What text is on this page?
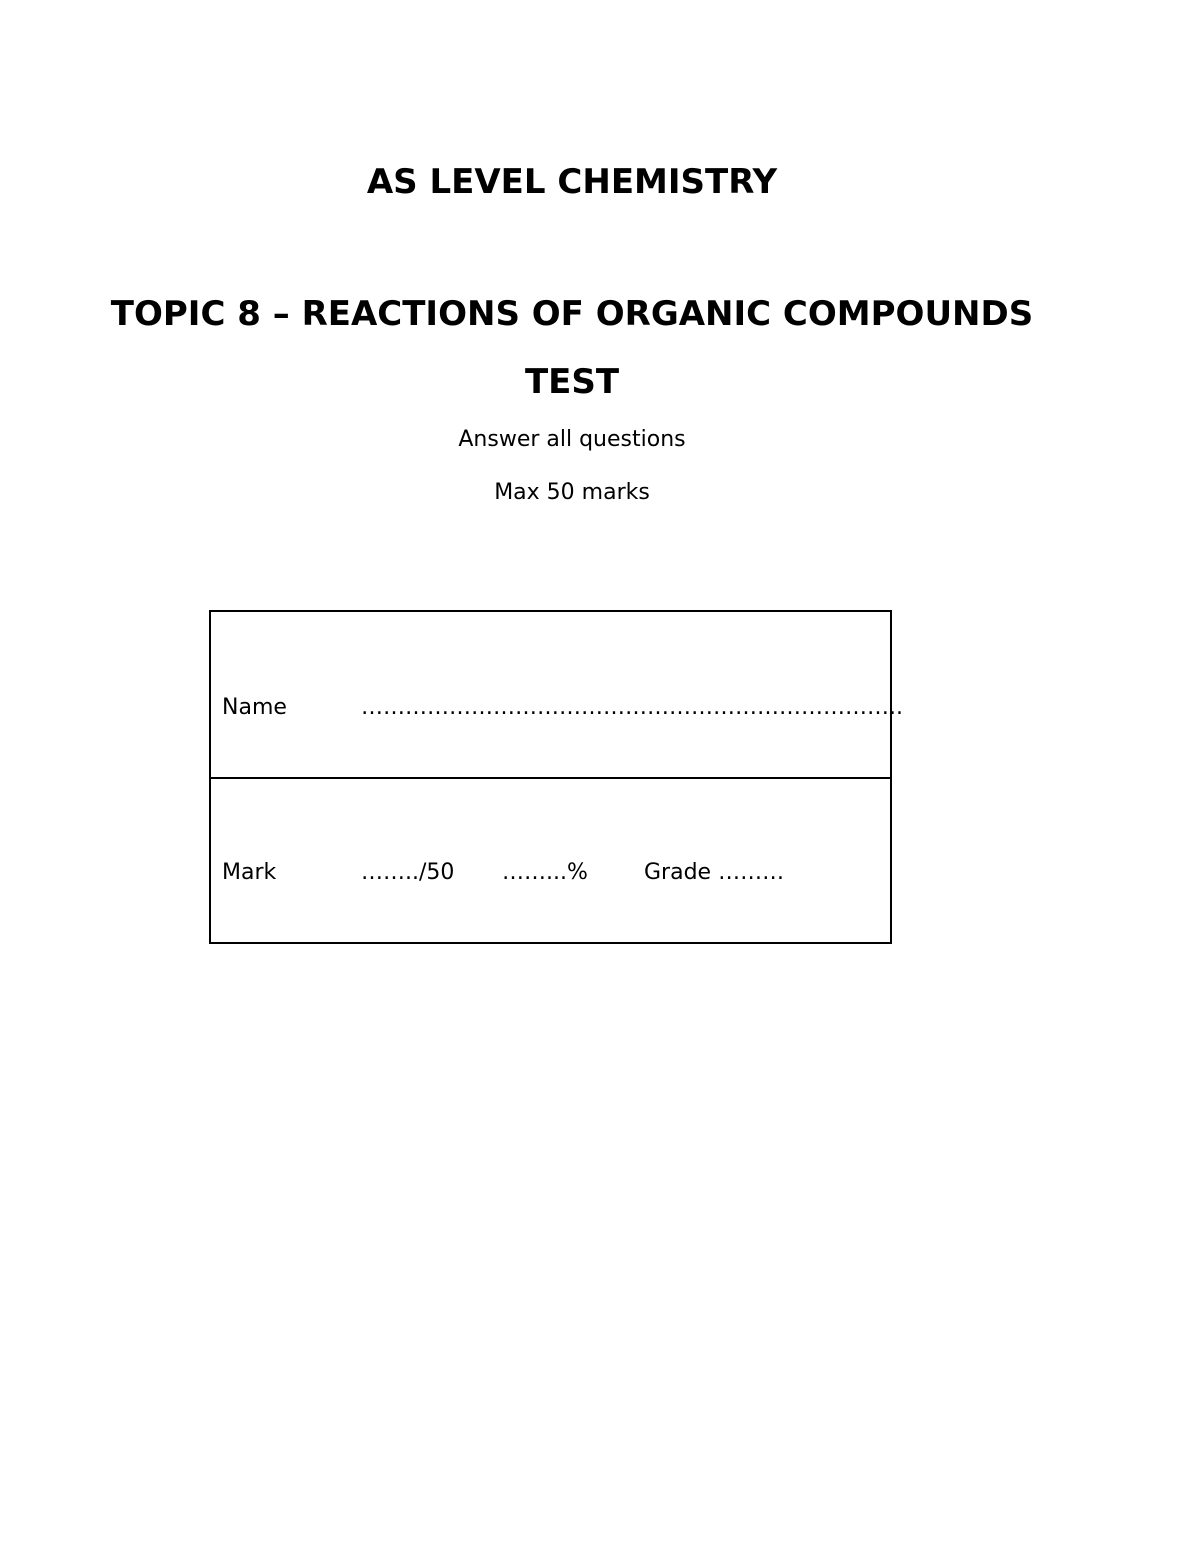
AS LEVEL CHEMISTRY
TOPIC 8 – REACTIONS OF ORGANIC COMPOUNDS
TEST
Answer all questions
Max 50 marks
Name	………………………………………………………………..
Mark	……../50 ……...%	Grade ………
